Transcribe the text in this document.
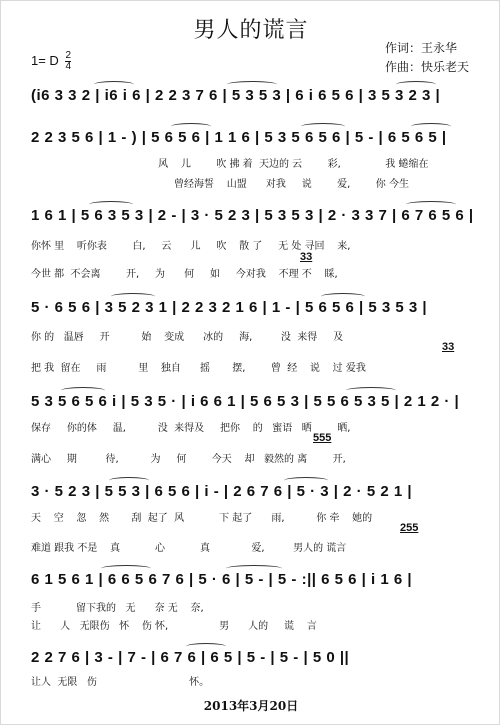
男人的谎言
作词：王永华
作曲：快乐老天
1= D $\frac{2}{4}$
(i6 3 3 2 | i6 i 6 | 2 2 3 7 6 | 5 3 5 3 | 6 i 6 5 6 | 3 5 3 2 3 |
2 2 3 5 6 | 1 - ) | 5 6 5 6 | 1 1 6 | 5 3 5 6 5 6 | 5 - | 6 5 6 5 |
风    儿        吹 拂 着  天边的 云        彩,              我 蜷缩在
曾经海誓    山盟      对我     说        爱,        你 今生
1 6 1 | 5 6 3 5 3 | 2 - | 3 · 5 2 3 | 5 3 5 3 | 2 · 3 3 7 | 6 7 6 5 6 |
你怀 里    听你表        白,     云      儿     吹    散 了     无 处 寻回    来,
33
今世 都  不会离        开,     为      何     如     今对我    不理 不    睬,
5 · 6 5 6 | 3 5 2 3 1 | 2 2 3 2 1 6 | 1 - | 5 6 5 6 | 5 3 5 3 |
你 的   温唇     开          始    变成      冰的     海,         没  来得     及
33
把 我  留在     雨          里    独自      摇       摆,        曾  经    说    过 爱我
5 3 5 6 5 6 i | 5 3 5 · | i 6 6 1 | 5 6 5 3 | 5 5 6 5 3 5 | 2 1 2 · |
保存     你的体     温,          没  来得及     把你    的   蜜语   晒        晒,
555
满心     期         待,          为     何        今天    却   毅然的 离        开,
3 · 5 2 3 | 5 5 3 | 6 5 6 | i - | 2 6 7 6 | 5 · 3 | 2 · 5 2 1 |
天    空    忽    然       刮  起了  风           下 起了      雨,          你 牵    她的
255
难道 跟我 不是    真           心           真             爱,         男人的 谎言
6 1 5 6 1 | 6 6 5 6 7 6 | 5 · 6 | 5 - | 5 - :|| 6 5 6 | i 1 6 |
手           留下我的   无      奈 无    奈,
让      人   无限伤   怀    伤 怀,                男      人的     谎    言
2 2 7 6 | 3 - | 7 - | 6 7 6 | 6 5 | 5 - | 5 - | 5 0 ||
让人  无限   伤                             怀。
2013年3月20日
